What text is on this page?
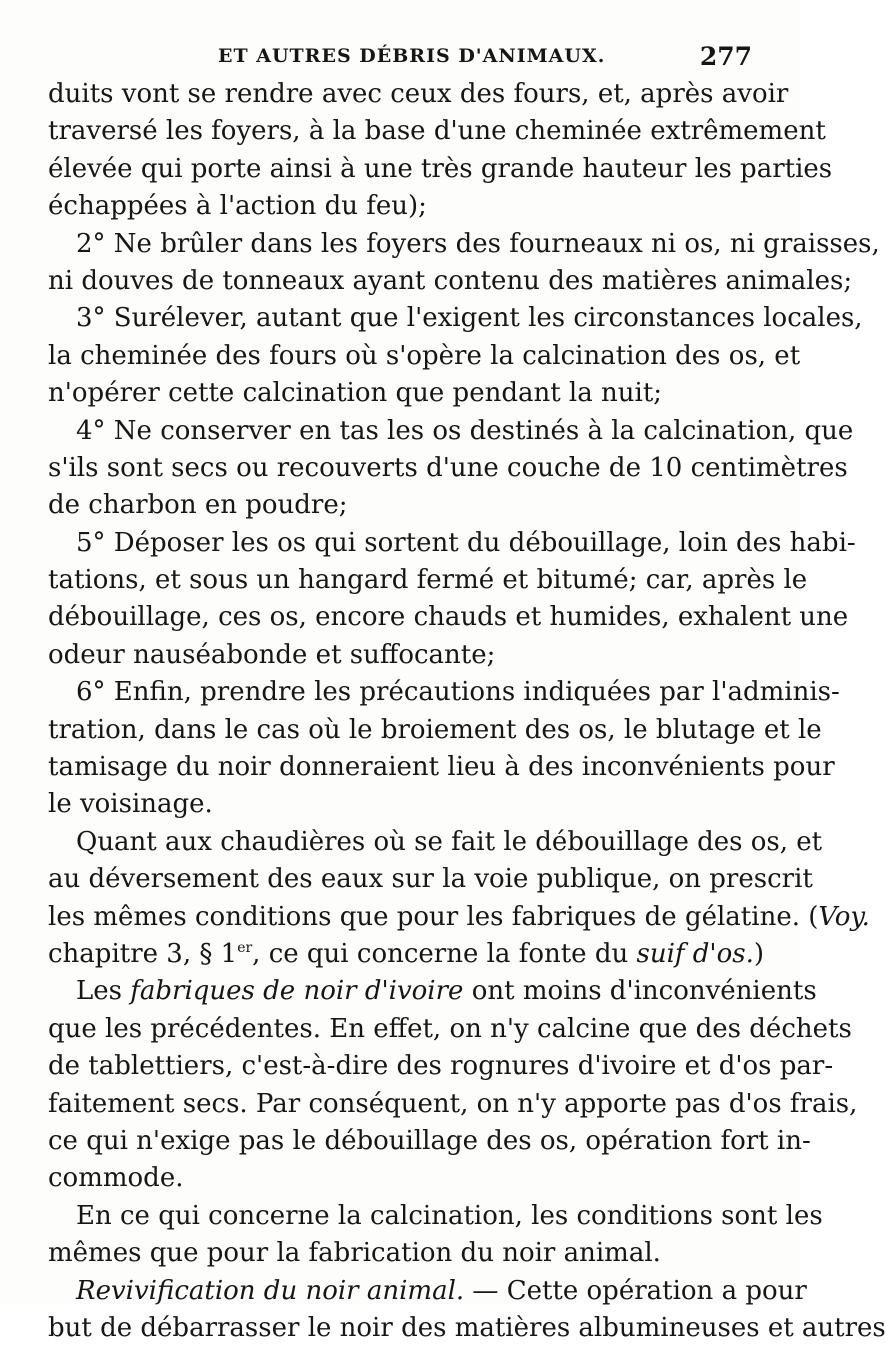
ET AUTRES DÉBRIS D'ANIMAUX.	277
duits vont se rendre avec ceux des fours, et, après avoir
traversé les foyers, à la base d'une cheminée extrêmement
élevée qui porte ainsi à une très grande hauteur les parties
échappées à l'action du feu);
2° Ne brûler dans les foyers des fourneaux ni os, ni graisses,
ni douves de tonneaux ayant contenu des matières animales;
3° Surélever, autant que l'exigent les circonstances locales,
la cheminée des fours où s'opère la calcination des os, et
n'opérer cette calcination que pendant la nuit;
4° Ne conserver en tas les os destinés à la calcination, que
s'ils sont secs ou recouverts d'une couche de 10 centimètres
de charbon en poudre;
5° Déposer les os qui sortent du débouillage, loin des habi-
tations, et sous un hangard fermé et bitumé; car, après le
débouillage, ces os, encore chauds et humides, exhalent une
odeur nauséabonde et suffocante;
6° Enfin, prendre les précautions indiquées par l'adminis-
tration, dans le cas où le broiement des os, le blutage et le
tamisage du noir donneraient lieu à des inconvénients pour
le voisinage.
Quant aux chaudières où se fait le débouillage des os, et
au déversement des eaux sur la voie publique, on prescrit
les mêmes conditions que pour les fabriques de gélatine. (Voy.
chapitre 3, § 1er, ce qui concerne la fonte du suif d'os.)
Les fabriques de noir d'ivoire ont moins d'inconvénients
que les précédentes. En effet, on n'y calcine que des déchets
de tablettiers, c'est-à-dire des rognures d'ivoire et d'os par-
faitement secs. Par conséquent, on n'y apporte pas d'os frais,
ce qui n'exige pas le débouillage des os, opération fort in-
commode.
En ce qui concerne la calcination, les conditions sont les
mêmes que pour la fabrication du noir animal.
Revivification du noir animal. — Cette opération a pour
but de débarrasser le noir des matières albumineuses et autres
